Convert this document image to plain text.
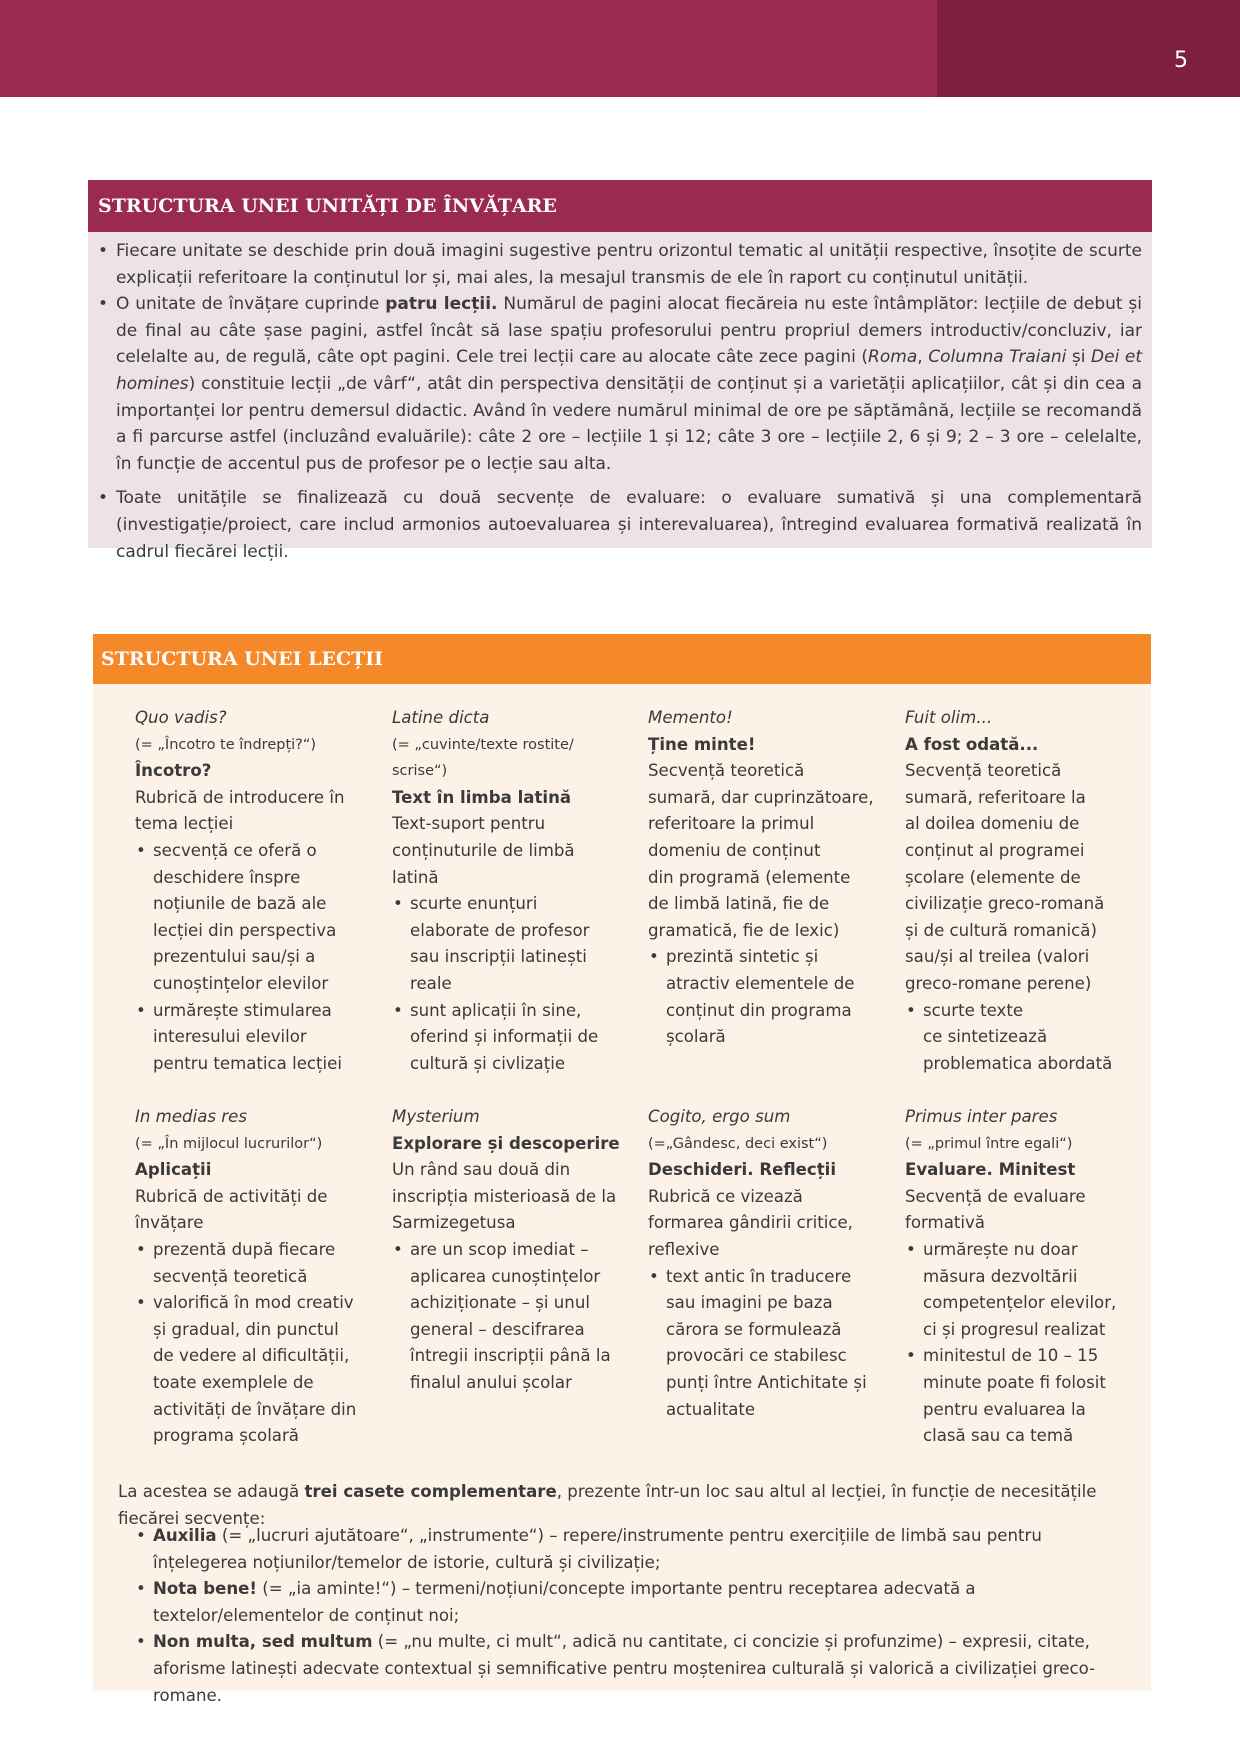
5
STRUCTURA UNEI UNITĂȚI DE ÎNVĂȚARE
• Fiecare unitate se deschide prin două imagini sugestive pentru orizontul tematic al unității respective, însoțite de scurte explicații referitoare la conținutul lor și, mai ales, la mesajul transmis de ele în raport cu conținutul unității.
• O unitate de învățare cuprinde patru lecții. Numărul de pagini alocat fiecăreia nu este întâmplător: lecțiile de debut și de final au câte șase pagini, astfel încât să lase spațiu profesorului pentru propriul demers introductiv/concluziv, iar celelalte au, de regulă, câte opt pagini. Cele trei lecții care au alocate câte zece pagini (Roma, Columna Traiani și Dei et homines) constituie lecții „de vârf“, atât din perspectiva densității de conținut și a varietății aplicațiilor, cât și din cea a importanței lor pentru demersul didactic. Având în vedere numărul minimal de ore pe săptămână, lecțiile se recomandă a fi parcurse astfel (incluzând evaluările): câte 2 ore – lecțiile 1 și 12; câte 3 ore – lecțiile 2, 6 și 9; 2 – 3 ore – celelalte, în funcție de accentul pus de profesor pe o lecție sau alta.
• Toate unitățile se finalizează cu două secvențe de evaluare: o evaluare sumativă și una complementară (investigație/proiect, care includ armonios autoevaluarea și interevaluarea), întregind evaluarea formativă realizată în cadrul fiecărei lecții.
STRUCTURA UNEI LECȚII
Quo vadis?
(= „Încotro te îndrepți?“)
Încotro?
Rubrică de introducere în
tema lecției
• secvență ce oferă o
deschidere înspre
noțiunile de bază ale
lecției din perspectiva
prezentului sau/și a
cunoștințelor elevilor
• urmărește stimularea
interesului elevilor
pentru tematica lecției
Latine dicta
(= „cuvinte/texte rostite/
scrise“)
Text în limba latină
Text-suport pentru
conținuturile de limbă
latină
• scurte enunțuri
elaborate de profesor
sau inscripții latinești
reale
• sunt aplicații în sine,
oferind și informații de
cultură și civlizație
Memento!
Ține minte!
Secvență teoretică
sumară, dar cuprinzătoare,
referitoare la primul
domeniu de conținut
din programă (elemente
de limbă latină, fie de
gramatică, fie de lexic)
• prezintă sintetic și
atractiv elementele de
conținut din programa
școlară
Fuit olim...
A fost odată...
Secvență teoretică
sumară, referitoare la
al doilea domeniu de
conținut al programei
școlare (elemente de
civilizație greco-romană
și de cultură romanică)
sau/și al treilea (valori
greco-romane perene)
• scurte texte
ce sintetizează
problematica abordată
In medias res
(= „În mijlocul lucrurilor“)
Aplicații
Rubrică de activități de
învățare
• prezentă după fiecare
secvență teoretică
• valorifică în mod creativ
și gradual, din punctul
de vedere al dificultății,
toate exemplele de
activități de învățare din
programa școlară
Mysterium
Explorare și descoperire
Un rând sau două din
inscripția misterioasă de la
Sarmizegetusa
• are un scop imediat –
aplicarea cunoștințelor
achiziționate – și unul
general – descifrarea
întregii inscripții până la
finalul anului școlar
Cogito, ergo sum
(=„Gândesc, deci exist“)
Deschideri. Reflecții
Rubrică ce vizează
formarea gândirii critice,
reflexive
• text antic în traducere
sau imagini pe baza
cărora se formulează
provocări ce stabilesc
punți între Antichitate și
actualitate
Primus inter pares
(= „primul între egali“)
Evaluare. Minitest
Secvență de evaluare
formativă
• urmărește nu doar
măsura dezvoltării
competențelor elevilor,
ci și progresul realizat
• minitestul de 10 – 15
minute poate fi folosit
pentru evaluarea la
clasă sau ca temă
La acestea se adaugă trei casete complementare, prezente într-un loc sau altul al lecției, în funcție de necesitățile fiecărei secvențe:
• Auxilia (= „lucruri ajutătoare“, „instrumente“) – repere/instrumente pentru exercițiile de limbă sau pentru înțelegerea noțiunilor/temelor de istorie, cultură și civilizație;
• Nota bene! (= „ia aminte!“) – termeni/noțiuni/concepte importante pentru receptarea adecvată a textelor/elementelor de conținut noi;
• Non multa, sed multum (= „nu multe, ci mult“, adică nu cantitate, ci concizie și profunzime) – expresii, citate, aforisme latinești adecvate contextual și semnificative pentru moștenirea culturală și valorică a civilizației greco-romane.
